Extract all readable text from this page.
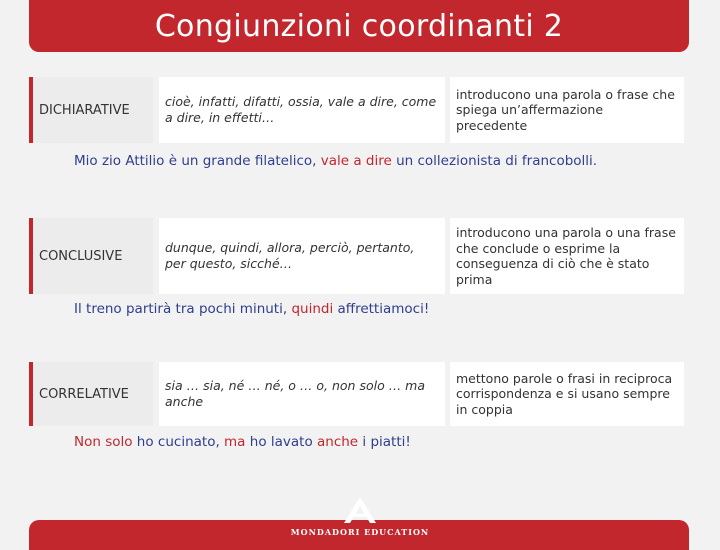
Congiunzioni coordinanti 2
DICHIARATIVE
cioè, infatti, difatti, ossia, vale a dire, come a dire, in effetti…
introducono una parola o frase che spiega un’affermazione precedente
Mio zio Attilio è un grande filatelico, vale a dire un collezionista di francobolli.
CONCLUSIVE
dunque, quindi, allora, perciò, pertanto, per questo, sicché…
introducono una parola o una frase che conclude o esprime la conseguenza di ciò che è stato prima
Il treno partirà tra pochi minuti, quindi affrettiamoci!
CORRELATIVE
sia … sia, né … né, o … o, non solo … ma anche
mettono parole o frasi in reciproca corrispondenza e si usano sempre in coppia
Non solo ho cucinato, ma ho lavato anche i piatti!
MONDADORI EDUCATION
